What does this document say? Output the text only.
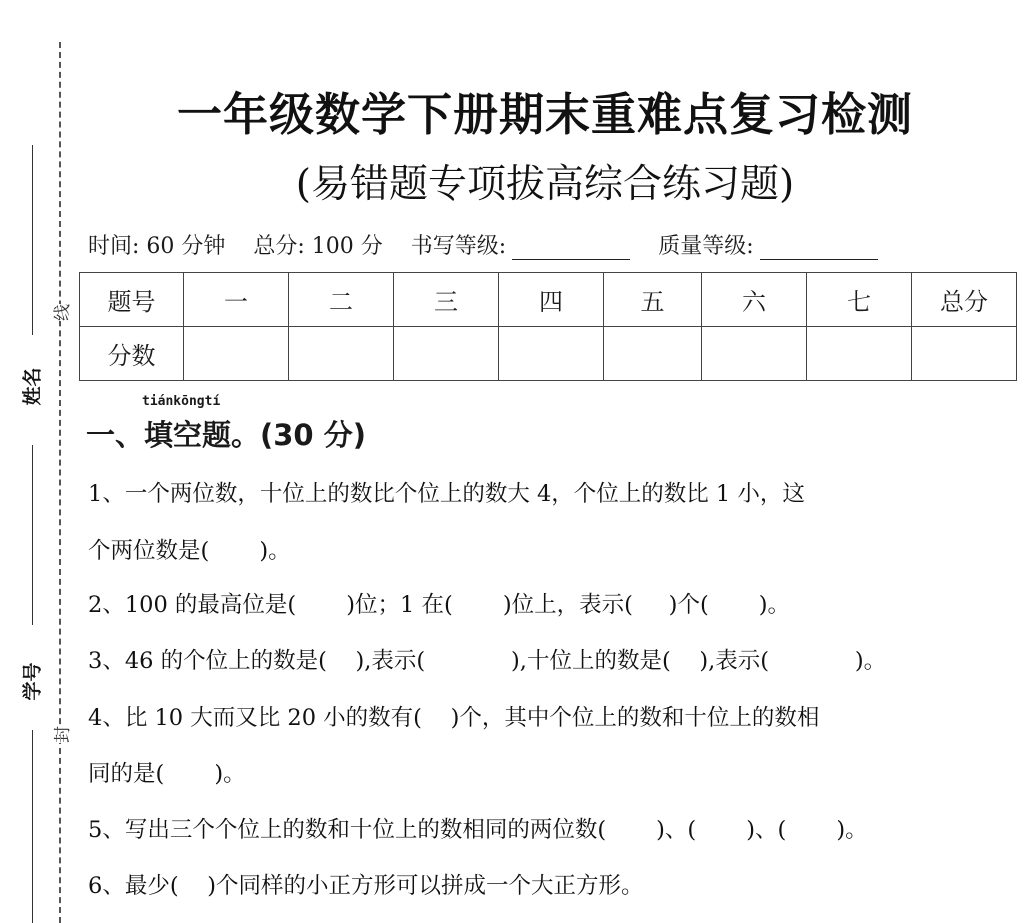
姓名
学号
线
封
一年级数学下册期末重难点复习检测
(易错题专项拔高综合练习题)
时间: 60 分钟 总分: 100 分 书写等级:	质量等级:
题号	一	二	三	四	五	六	七	总分
分数								
tiánkōngtí
一、填空题。(30 分)
1、一个两位数，十位上的数比个位上的数大 4，个位上的数比 1 小，这
个两位数是(       )。
2、100 的最高位是(       )位；1 在(       )位上，表示(     )个(       )。
3、46 的个位上的数是(    ),表示(            ),十位上的数是(    ),表示(            )。
4、比 10 大而又比 20 小的数有(    )个，其中个位上的数和十位上的数相
同的是(       )。
5、写出三个个位上的数和十位上的数相同的两位数(       )、(       )、(       )。
6、最少(    )个同样的小正方形可以拼成一个大正方形。
